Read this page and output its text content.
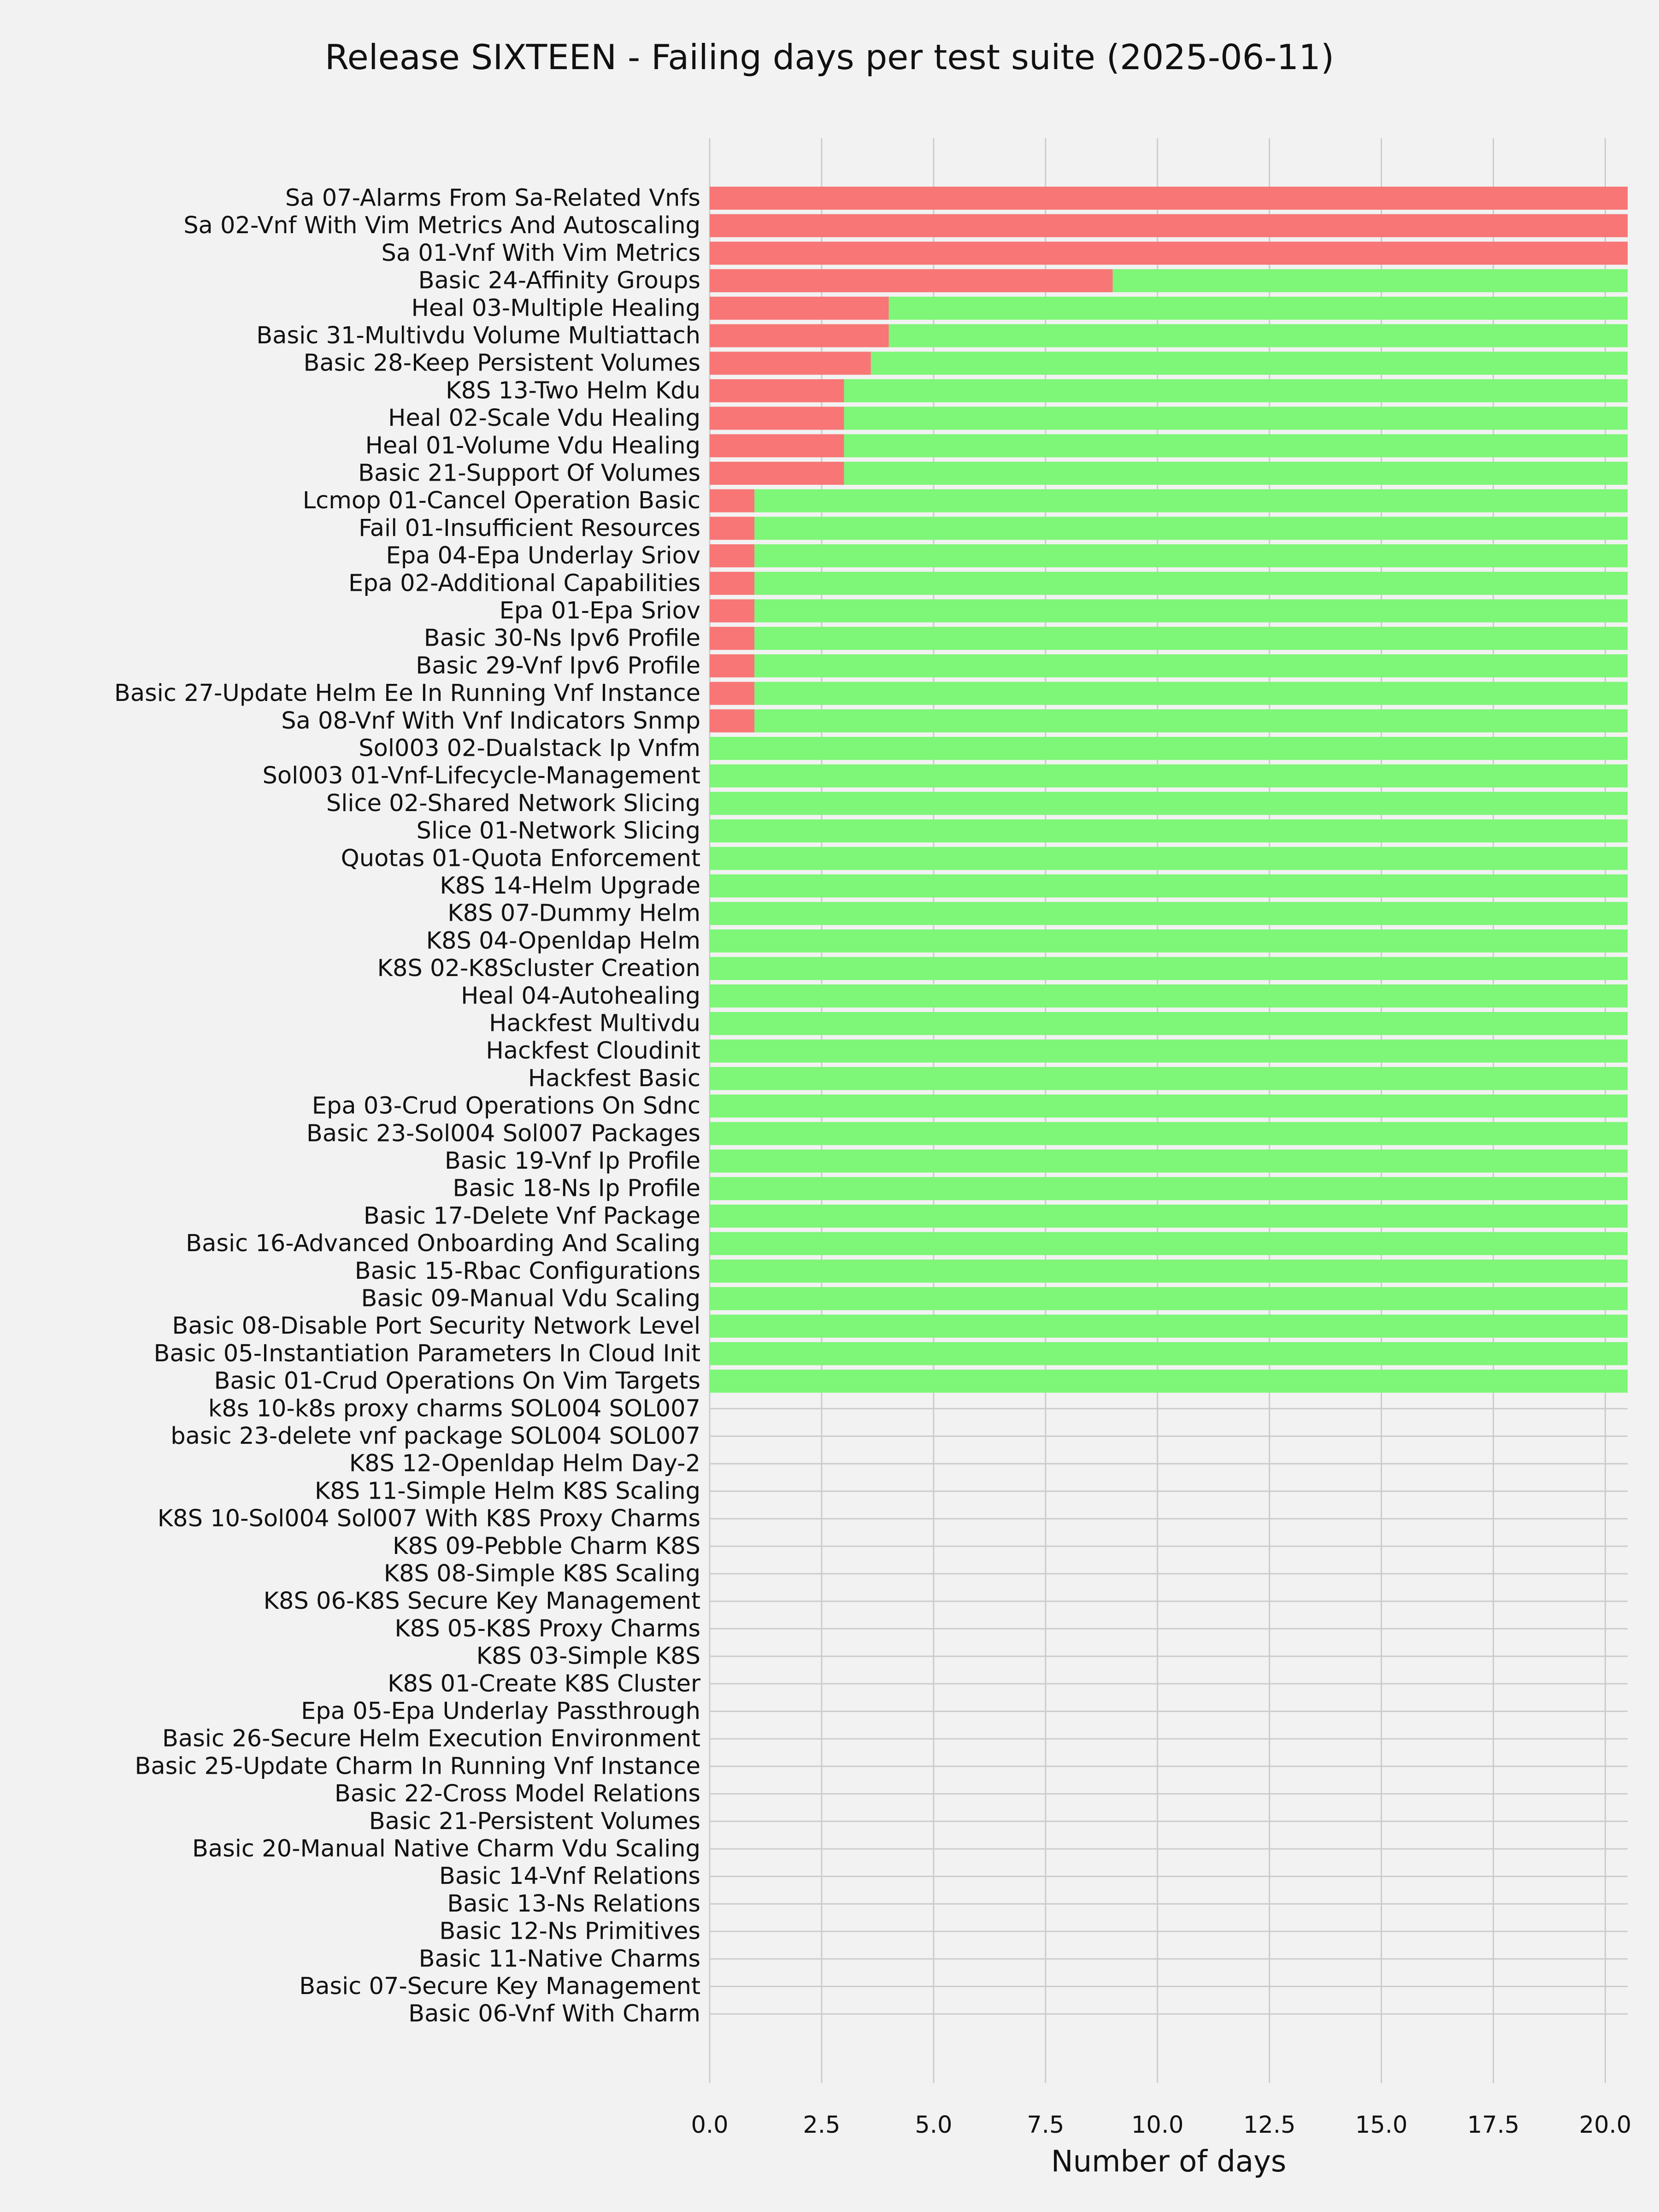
Sa 07-Alarms From Sa-Related Vnfs
Sa 02-Vnf With Vim Metrics And Autoscaling
Sa 01-Vnf With Vim Metrics
Basic 24-Affinity Groups
Heal 03-Multiple Healing
Basic 31-Multivdu Volume Multiattach
Basic 28-Keep Persistent Volumes
K8S 13-Two Helm Kdu
Heal 02-Scale Vdu Healing
Heal 01-Volume Vdu Healing
Basic 21-Support Of Volumes
Lcmop 01-Cancel Operation Basic
Fail 01-Insufficient Resources
Epa 04-Epa Underlay Sriov
Epa 02-Additional Capabilities
Epa 01-Epa Sriov
Basic 30-Ns Ipv6 Profile
Basic 29-Vnf Ipv6 Profile
Basic 27-Update Helm Ee In Running Vnf Instance
Sa 08-Vnf With Vnf Indicators Snmp
Sol003 02-Dualstack Ip Vnfm
Sol003 01-Vnf-Lifecycle-Management
Slice 02-Shared Network Slicing
Slice 01-Network Slicing
Quotas 01-Quota Enforcement
K8S 14-Helm Upgrade
K8S 07-Dummy Helm
K8S 04-Openldap Helm
K8S 02-K8Scluster Creation
Heal 04-Autohealing
Hackfest Multivdu
Hackfest Cloudinit
Hackfest Basic
Epa 03-Crud Operations On Sdnc
Basic 23-Sol004 Sol007 Packages
Basic 19-Vnf Ip Profile
Basic 18-Ns Ip Profile
Basic 17-Delete Vnf Package
Basic 16-Advanced Onboarding And Scaling
Basic 15-Rbac Configurations
Basic 09-Manual Vdu Scaling
Basic 08-Disable Port Security Network Level
Basic 05-Instantiation Parameters In Cloud Init
Basic 01-Crud Operations On Vim Targets
k8s 10-k8s proxy charms SOL004 SOL007
basic 23-delete vnf package SOL004 SOL007
K8S 12-Openldap Helm Day-2
K8S 11-Simple Helm K8S Scaling
K8S 10-Sol004 Sol007 With K8S Proxy Charms
K8S 09-Pebble Charm K8S
K8S 08-Simple K8S Scaling
K8S 06-K8S Secure Key Management
K8S 05-K8S Proxy Charms
K8S 03-Simple K8S
K8S 01-Create K8S Cluster
Epa 05-Epa Underlay Passthrough
Basic 26-Secure Helm Execution Environment
Basic 25-Update Charm In Running Vnf Instance
Basic 22-Cross Model Relations
Basic 21-Persistent Volumes
Basic 20-Manual Native Charm Vdu Scaling
Basic 14-Vnf Relations
Basic 13-Ns Relations
Basic 12-Ns Primitives
Basic 11-Native Charms
Basic 07-Secure Key Management
Basic 06-Vnf With Charm
0.0	2.5	5.0	7.5	10.0	12.5	15.0	17.5	20.0
Release SIXTEEN - Failing days per test suite (2025-06-11)
Number of days
